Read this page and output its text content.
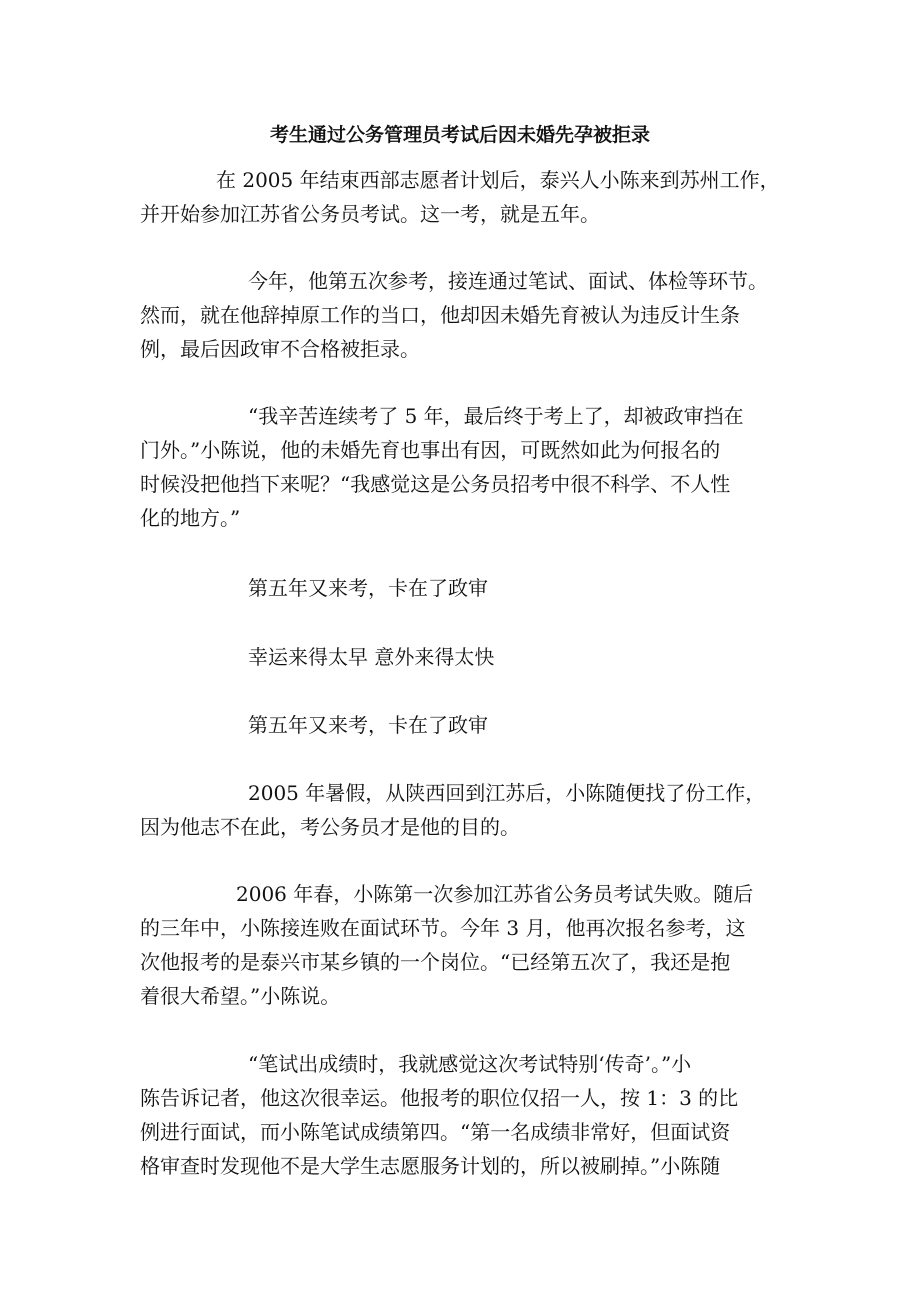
考生通过公务管理员考试后因未婚先孕被拒录
在 2005 年结束西部志愿者计划后，泰兴人小陈来到苏州工作，
并开始参加江苏省公务员考试。这一考，就是五年。
今年，他第五次参考，接连通过笔试、面试、体检等环节。
然而，就在他辞掉原工作的当口，他却因未婚先育被认为违反计生条
例，最后因政审不合格被拒录。
“我辛苦连续考了 5 年，最后终于考上了，却被政审挡在
门外。”小陈说，他的未婚先育也事出有因，可既然如此为何报名的
时候没把他挡下来呢？“我感觉这是公务员招考中很不科学、不人性
化的地方。”
第五年又来考，卡在了政审
幸运来得太早 意外来得太快
第五年又来考，卡在了政审
2005 年暑假，从陕西回到江苏后，小陈随便找了份工作，
因为他志不在此，考公务员才是他的目的。
2006 年春，小陈第一次参加江苏省公务员考试失败。随后
的三年中，小陈接连败在面试环节。今年 3 月，他再次报名参考，这
次他报考的是泰兴市某乡镇的一个岗位。“已经第五次了，我还是抱
着很大希望。”小陈说。
“笔试出成绩时，我就感觉这次考试特别‘传奇’。”小
陈告诉记者，他这次很幸运。他报考的职位仅招一人，按 1：3 的比
例进行面试，而小陈笔试成绩第四。“第一名成绩非常好，但面试资
格审查时发现他不是大学生志愿服务计划的，所以被刷掉。”小陈随
